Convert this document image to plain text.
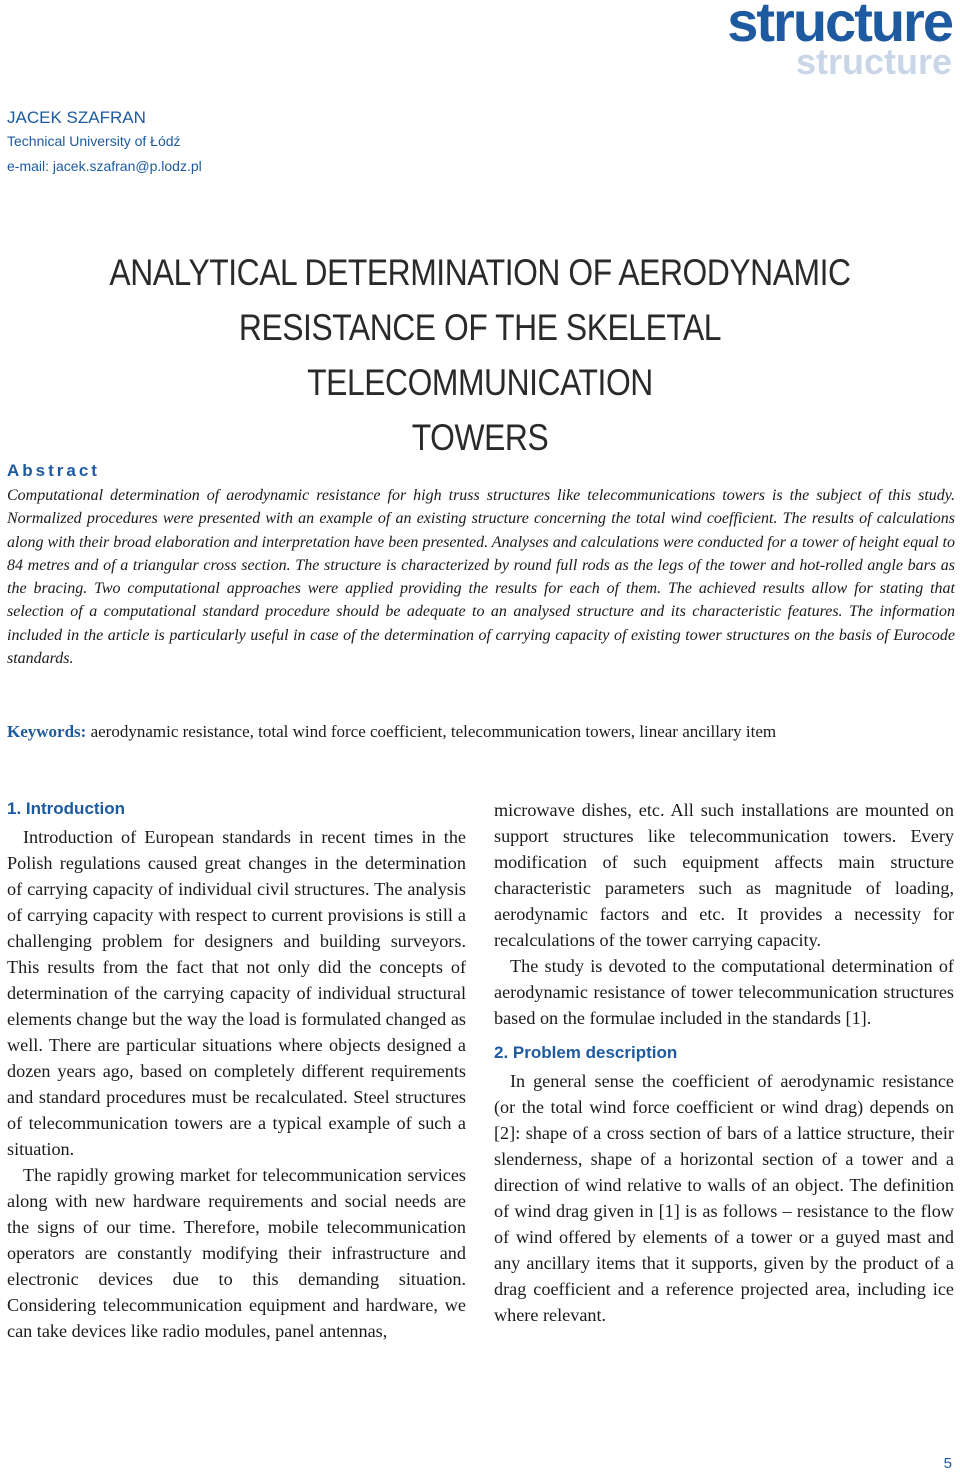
structure
structure
JACEK SZAFRAN
Technical University of Łódź
e-mail: jacek.szafran@p.lodz.pl
ANALYTICAL DETERMINATION OF AERODYNAMIC
RESISTANCE OF THE SKELETAL TELECOMMUNICATION
TOWERS
Abstract
Computational determination of aerodynamic resistance for high truss structures like telecommunications towers is the subject of this study. Normalized procedures were presented with an example of an existing structure concerning the total wind coefficient. The results of calculations along with their broad elaboration and interpretation have been presented. Analyses and calculations were conducted for a tower of height equal to 84 metres and of a triangular cross section. The structure is characterized by round full rods as the legs of the tower and hot-rolled angle bars as the bracing. Two computational approaches were applied providing the results for each of them. The achieved results allow for stating that selection of a computational standard procedure should be adequate to an analysed structure and its characteristic features. The information included in the article is particularly useful in case of the determination of carrying capacity of existing tower structures on the basis of Eurocode standards.
Keywords: aerodynamic resistance, total wind force coefficient, telecommunication towers, linear ancillary item
1. Introduction

Introduction of European standards in recent times in the Polish regulations caused great changes in the determination of carrying capacity of individual civil structures. The analysis of carrying capacity with respect to current provisions is still a challenging problem for designers and building surveyors. This results from the fact that not only did the concepts of determination of the carrying capacity of individual structural elements change but the way the load is formulated changed as well. There are particular situations where objects designed a dozen years ago, based on completely different requirements and standard procedures must be recalculated. Steel structures of telecommunication towers are a typical example of such a situation.

The rapidly growing market for telecommunication services along with new hardware requirements and social needs are the signs of our time. Therefore, mobile telecommunication operators are constantly modifying their infrastructure and electronic devices due to this demanding situation. Considering telecommunication equipment and hardware, we can take devices like radio modules, panel antennas,

microwave dishes, etc. All such installations are mounted on support structures like telecommunication towers. Every modification of such equipment affects main structure characteristic parameters such as magnitude of loading, aerodynamic factors and etc. It provides a necessity for recalculations of the tower carrying capacity.

The study is devoted to the computational determination of aerodynamic resistance of tower telecommunication structures based on the formulae included in the standards [1].

2. Problem description

In general sense the coefficient of aerodynamic resistance (or the total wind force coefficient or wind drag) depends on [2]: shape of a cross section of bars of a lattice structure, their slenderness, shape of a horizontal section of a tower and a direction of wind relative to walls of an object. The definition of wind drag given in [1] is as follows – resistance to the flow of wind offered by elements of a tower or a guyed mast and any ancillary items that it supports, given by the product of a drag coefficient and a reference projected area, including ice where relevant.

5
